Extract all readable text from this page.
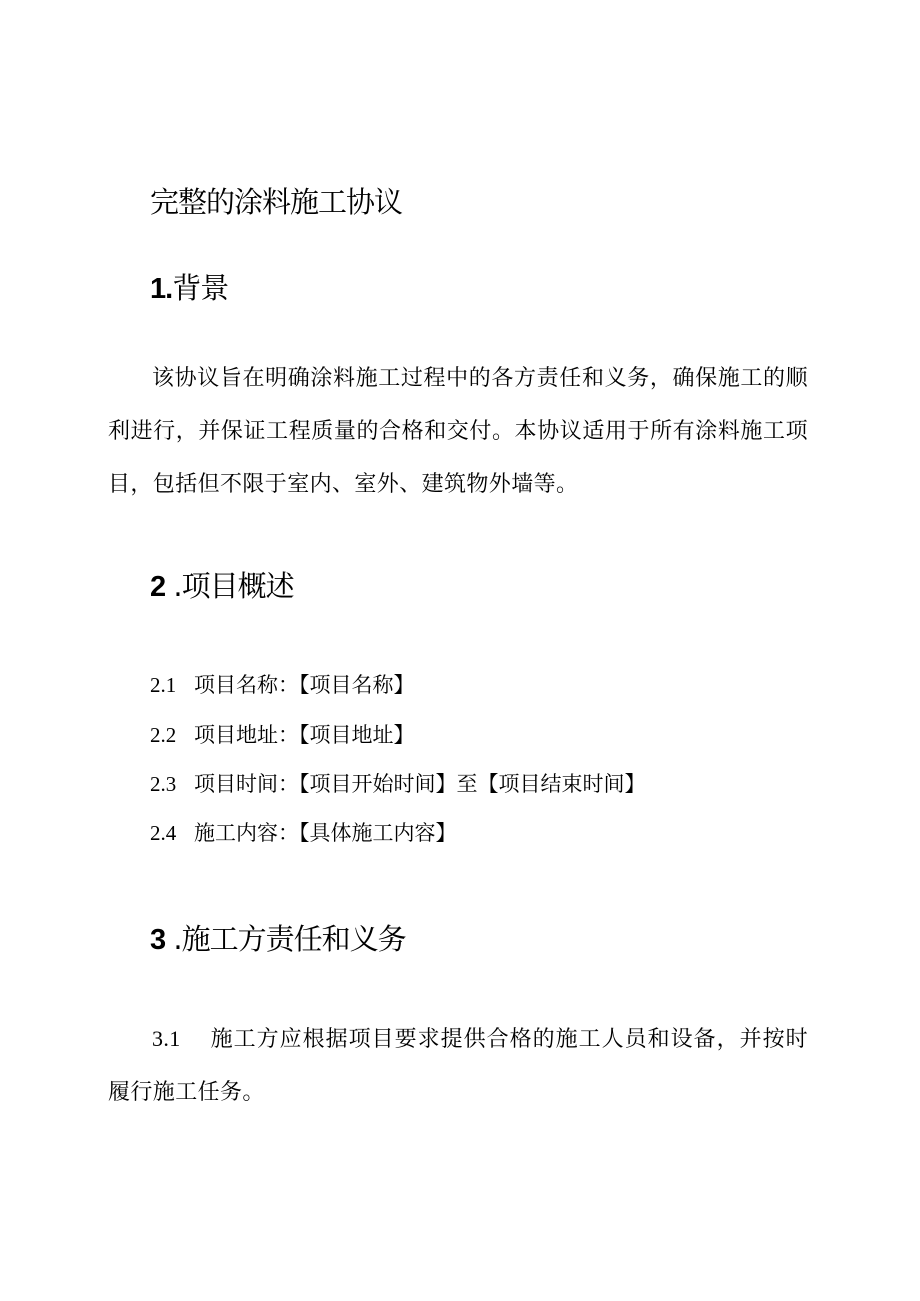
完整的涂料施工协议
1.背景

该协议旨在明确涂料施工过程中的各方责任和义务，确保施工的顺利进行，并保证工程质量的合格和交付。本协议适用于所有涂料施工项目，包括但不限于室内、室外、建筑物外墙等。

2 .项目概述

2.1 项目名称：【项目名称】

2.2 项目地址：【项目地址】

2.3 项目时间：【项目开始时间】至【项目结束时间】

2.4 施工内容：【具体施工内容】

3 .施工方责任和义务

3.1 施工方应根据项目要求提供合格的施工人员和设备，并按时履行施工任务。
